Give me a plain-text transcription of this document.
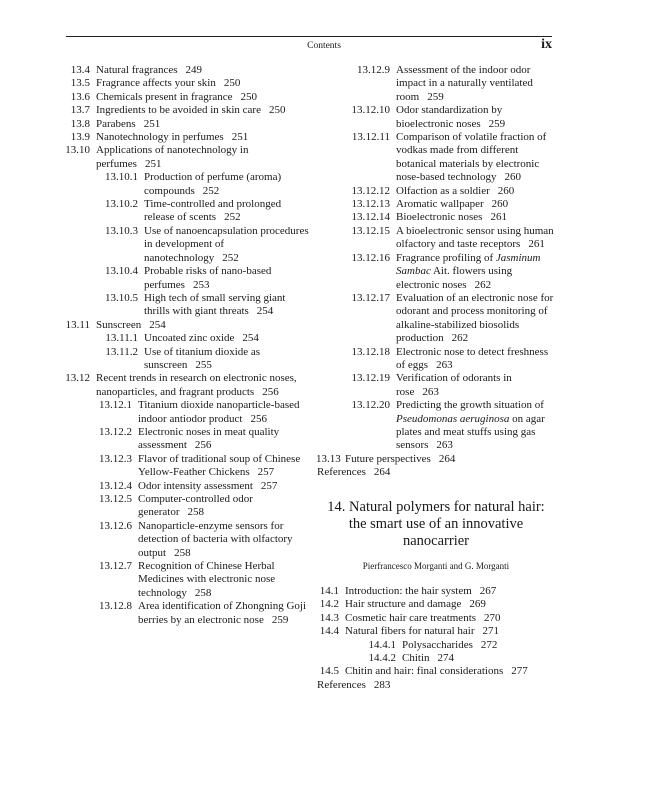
Contents	ix
13.4 Natural fragrances 249
13.5 Fragrance affects your skin 250
13.6 Chemicals present in fragrance 250
13.7 Ingredients to be avoided in skin care 250
13.8 Parabens 251
13.9 Nanotechnology in perfumes 251
13.10 Applications of nanotechnology in perfumes 251
13.10.1 Production of perfume (aroma) compounds 252
13.10.2 Time-controlled and prolonged release of scents 252
13.10.3 Use of nanoencapsulation procedures in development of nanotechnology 252
13.10.4 Probable risks of nano-based perfumes 253
13.10.5 High tech of small serving giant thrills with giant threats 254
13.11 Sunscreen 254
13.11.1 Uncoated zinc oxide 254
13.11.2 Use of titanium dioxide as sunscreen 255
13.12 Recent trends in research on electronic noses, nanoparticles, and fragrant products 256
13.12.1 Titanium dioxide nanoparticle-based indoor antiodor product 256
13.12.2 Electronic noses in meat quality assessment 256
13.12.3 Flavor of traditional soup of Chinese Yellow-Feather Chickens 257
13.12.4 Odor intensity assessment 257
13.12.5 Computer-controlled odor generator 258
13.12.6 Nanoparticle-enzyme sensors for detection of bacteria with olfactory output 258
13.12.7 Recognition of Chinese Herbal Medicines with electronic nose technology 258
13.12.8 Area identification of Zhongning Goji berries by an electronic nose 259
13.12.9 Assessment of the indoor odor impact in a naturally ventilated room 259
13.12.10 Odor standardization by bioelectronic noses 259
13.12.11 Comparison of volatile fraction of vodkas made from different botanical materials by electronic nose-based technology 260
13.12.12 Olfaction as a soldier 260
13.12.13 Aromatic wallpaper 260
13.12.14 Bioelectronic noses 261
13.12.15 A bioelectronic sensor using human olfactory and taste receptors 261
13.12.16 Fragrance profiling of Jasminum Sambac Ait. flowers using electronic noses 262
13.12.17 Evaluation of an electronic nose for odorant and process monitoring of alkaline-stabilized biosolids production 262
13.12.18 Electronic nose to detect freshness of eggs 263
13.12.19 Verification of odorants in rose 263
13.12.20 Predicting the growth situation of Pseudomonas aeruginosa on agar plates and meat stuffs using gas sensors 263
13.13 Future perspectives 264
References 264
14. Natural polymers for natural hair:
the smart use of an innovative
nanocarrier
Pierfrancesco Morganti and G. Morganti
14.1 Introduction: the hair system 267
14.2 Hair structure and damage 269
14.3 Cosmetic hair care treatments 270
14.4 Natural fibers for natural hair 271
14.4.1 Polysaccharides 272
14.4.2 Chitin 274
14.5 Chitin and hair: final considerations 277
References 283
